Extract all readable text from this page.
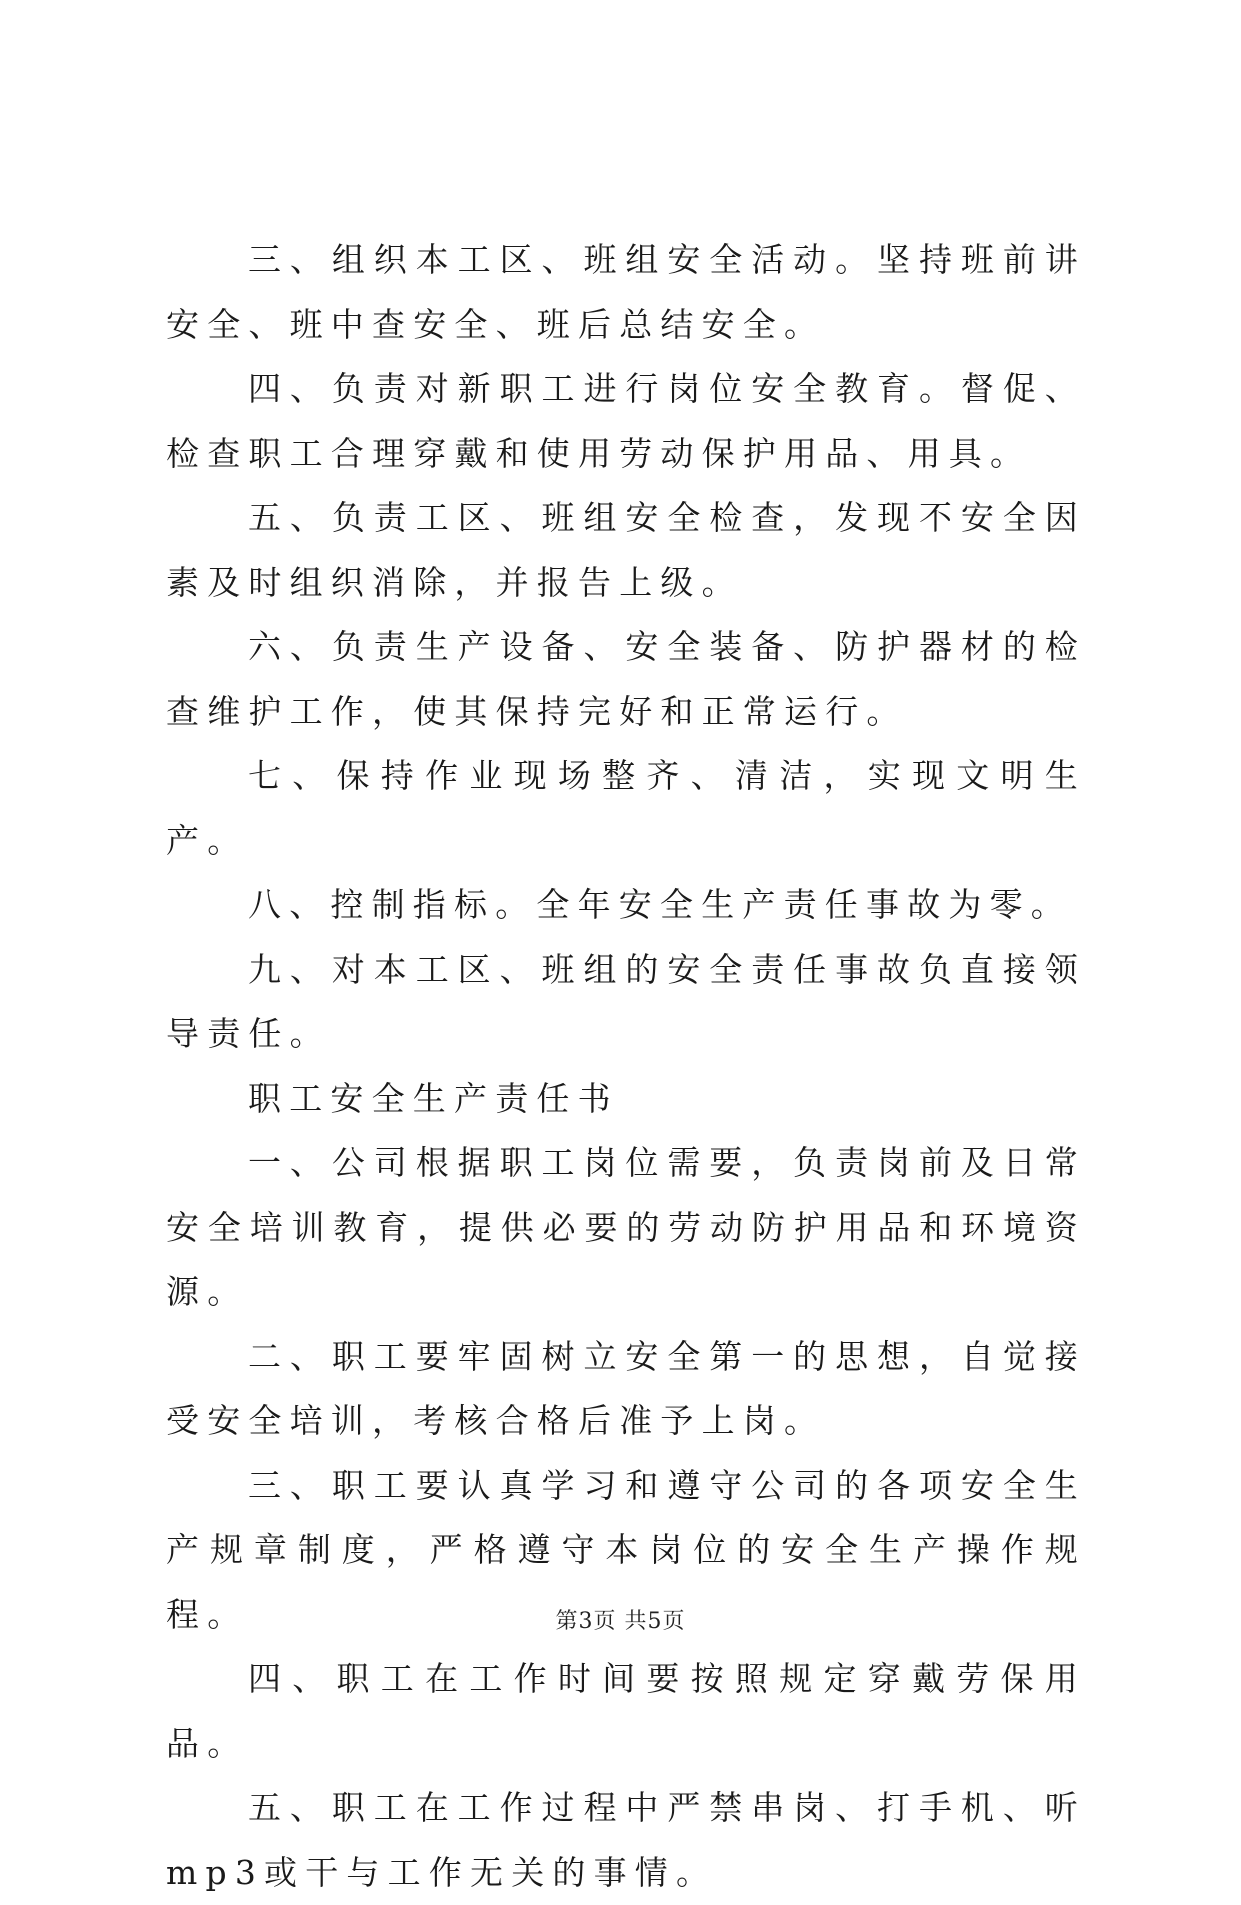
三、组织本工区、班组安全活动。坚持班前讲安全、班中查安全、班后总结安全。

四、负责对新职工进行岗位安全教育。督促、检查职工合理穿戴和使用劳动保护用品、用具。

五、负责工区、班组安全检查，发现不安全因素及时组织消除，并报告上级。

六、负责生产设备、安全装备、防护器材的检查维护工作，使其保持完好和正常运行。

七、保持作业现场整齐、清洁，实现文明生产。

八、控制指标。全年安全生产责任事故为零。

九、对本工区、班组的安全责任事故负直接领导责任。

职工安全生产责任书

一、公司根据职工岗位需要，负责岗前及日常安全培训教育，提供必要的劳动防护用品和环境资源。

二、职工要牢固树立安全第一的思想，自觉接受安全培训，考核合格后准予上岗。

三、职工要认真学习和遵守公司的各项安全生产规章制度，严格遵守本岗位的安全生产操作规程。

四、职工在工作时间要按照规定穿戴劳保用品。

五、职工在工作过程中严禁串岗、打手机、听mp3或干与工作无关的事情。

第3页 共5页
